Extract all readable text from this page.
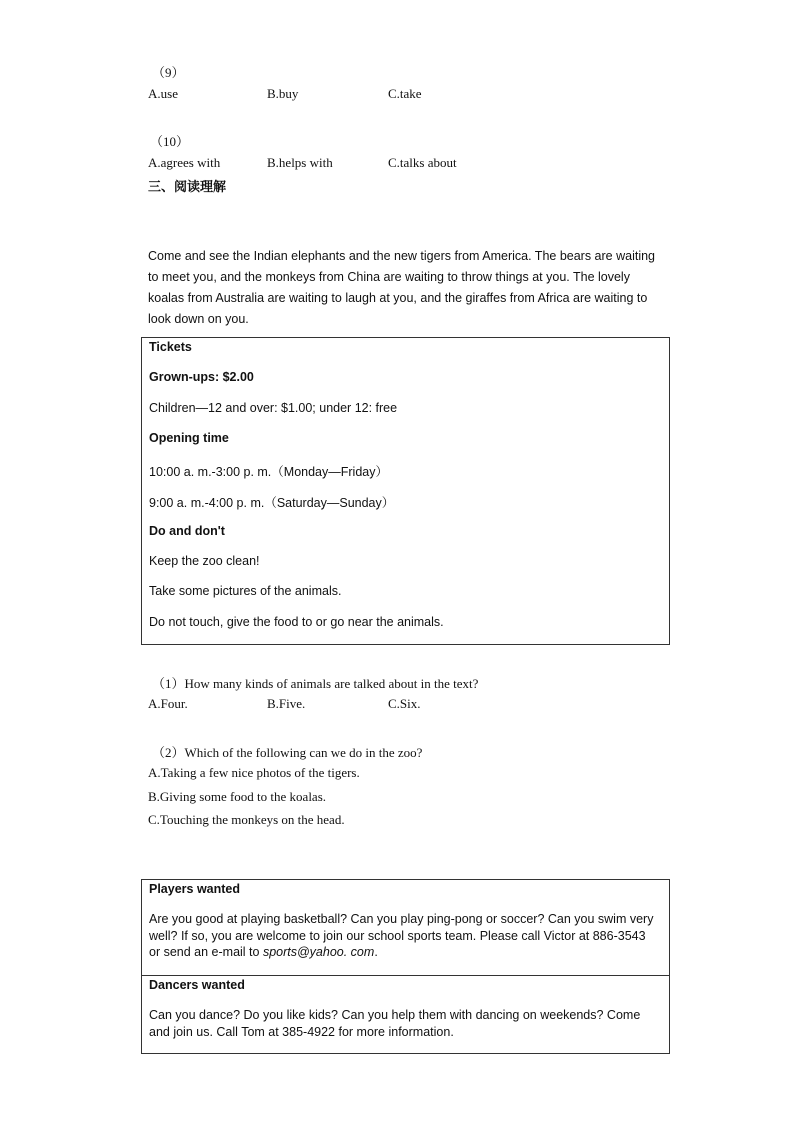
（9）
A.use	B.buy	C.take
（10）
A.agrees with	B.helps with	C.talks about
三、阅读理解
Come and see the Indian elephants and the new tigers from America. The bears are waiting
to meet you, and the monkeys from China are waiting to throw things at you. The lovely
koalas from Australia are waiting to laugh at you, and the giraffes from Africa are waiting to
look down on you.
Tickets
Grown-ups: $2.00
Children—12 and over: $1.00; under 12: free
Opening time
10:00 a. m.-3:00 p. m.（Monday—Friday）
9:00 a. m.-4:00 p. m.（Saturday—Sunday）
Do and don't
Keep the zoo clean!
Take some pictures of the animals.
Do not touch, give the food to or go near the animals.
（1）How many kinds of animals are talked about in the text?
A.Four.	B.Five.	C.Six.
（2）Which of the following can we do in the zoo?
A.Taking a few nice photos of the tigers.
B.Giving some food to the koalas.
C.Touching the monkeys on the head.
Players wanted
Are you good at playing basketball? Can you play ping-pong or soccer? Can you swim very
well? If so, you are welcome to join our school sports team. Please call Victor at 886-3543
or send an e-mail to sports@yahoo. com.
Dancers wanted
Can you dance? Do you like kids? Can you help them with dancing on weekends? Come
and join us. Call Tom at 385-4922 for more information.
